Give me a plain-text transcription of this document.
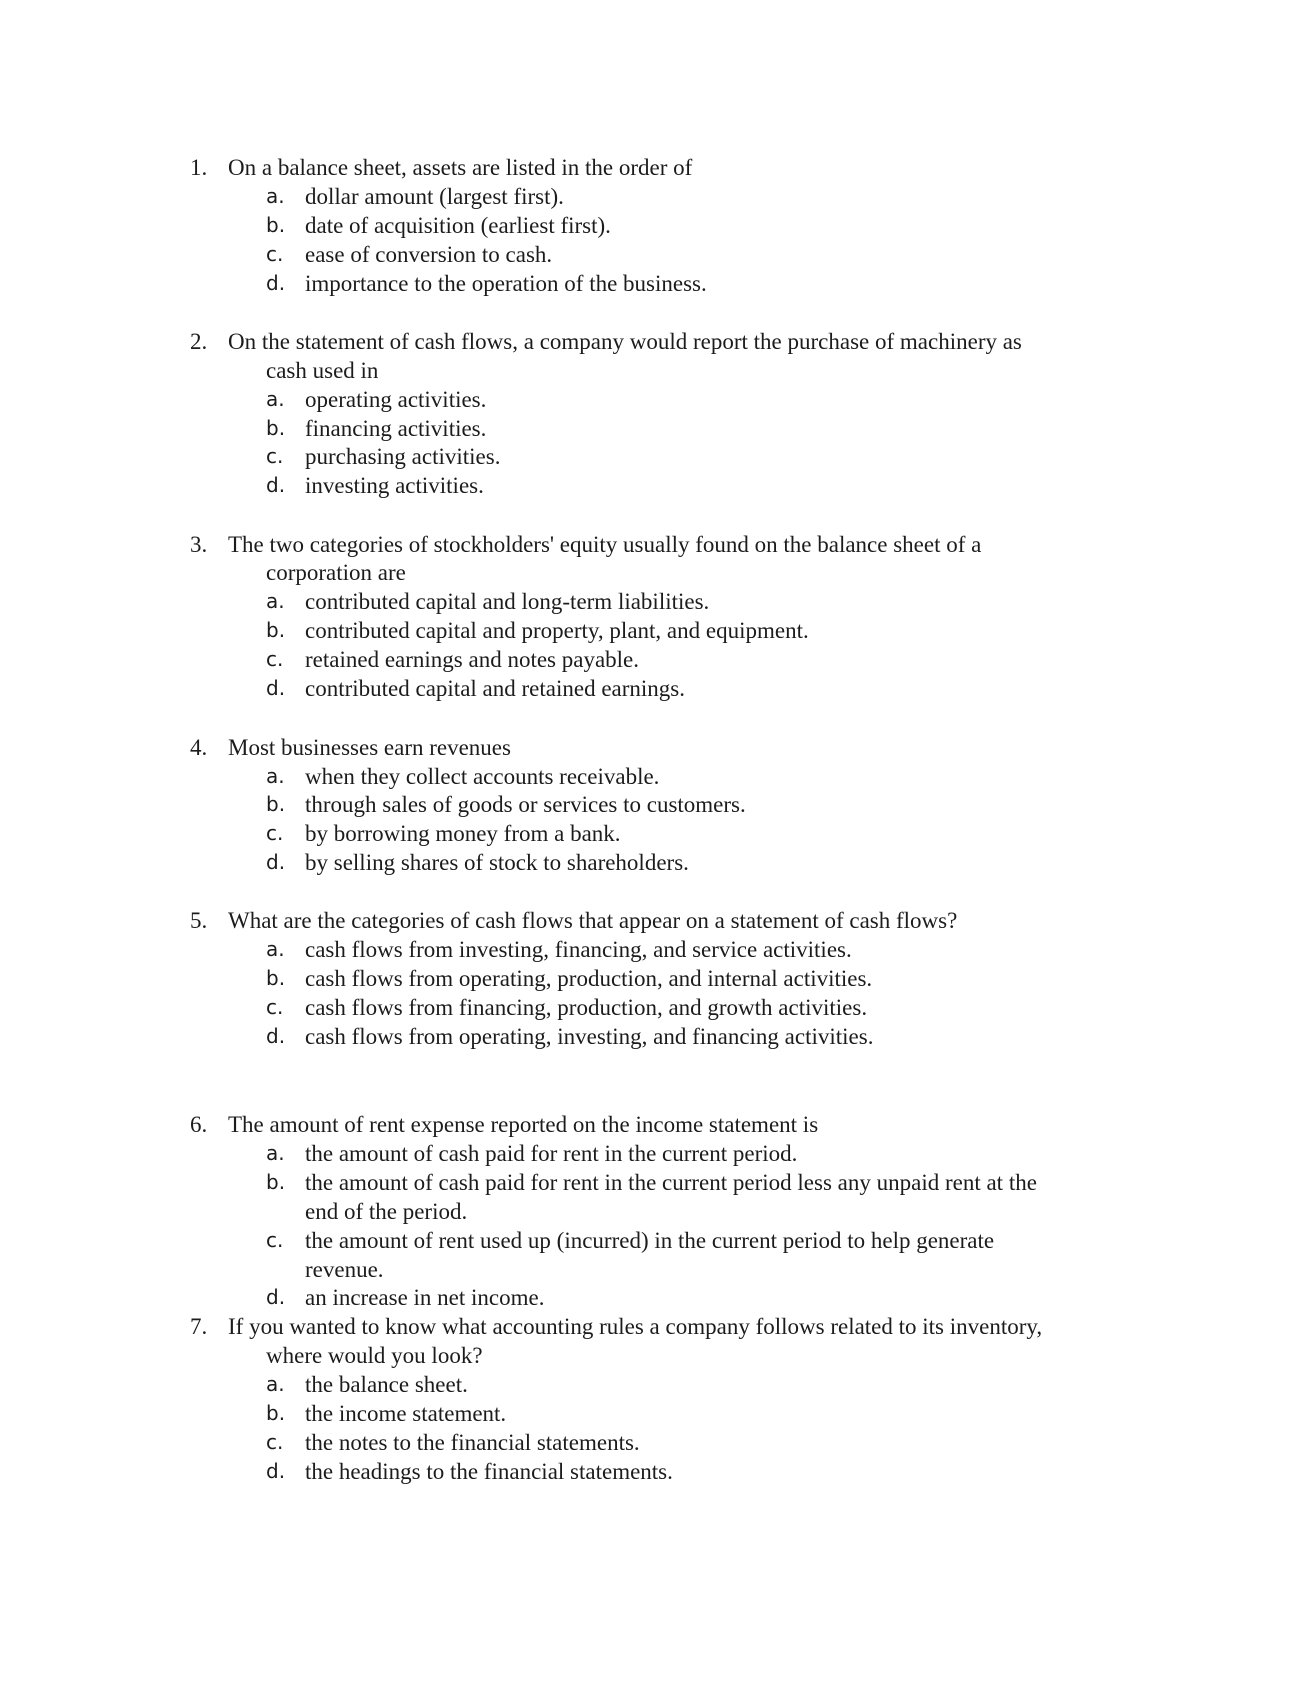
1. On a balance sheet, assets are listed in the order of
a. dollar amount (largest first).
b. date of acquisition (earliest first).
c. ease of conversion to cash.
d. importance to the operation of the business.
2. On the statement of cash flows, a company would report the purchase of machinery as
cash used in
a. operating activities.
b. financing activities.
c. purchasing activities.
d. investing activities.
3. The two categories of stockholders' equity usually found on the balance sheet of a
corporation are
a. contributed capital and long-term liabilities.
b. contributed capital and property, plant, and equipment.
c. retained earnings and notes payable.
d. contributed capital and retained earnings.
4. Most businesses earn revenues
a. when they collect accounts receivable.
b. through sales of goods or services to customers.
c. by borrowing money from a bank.
d. by selling shares of stock to shareholders.
5. What are the categories of cash flows that appear on a statement of cash flows?
a. cash flows from investing, financing, and service activities.
b. cash flows from operating, production, and internal activities.
c. cash flows from financing, production, and growth activities.
d. cash flows from operating, investing, and financing activities.
6. The amount of rent expense reported on the income statement is
a. the amount of cash paid for rent in the current period.
b. the amount of cash paid for rent in the current period less any unpaid rent at the
end of the period.
c. the amount of rent used up (incurred) in the current period to help generate
revenue.
d. an increase in net income.
7. If you wanted to know what accounting rules a company follows related to its inventory,
where would you look?
a. the balance sheet.
b. the income statement.
c. the notes to the financial statements.
d. the headings to the financial statements.
